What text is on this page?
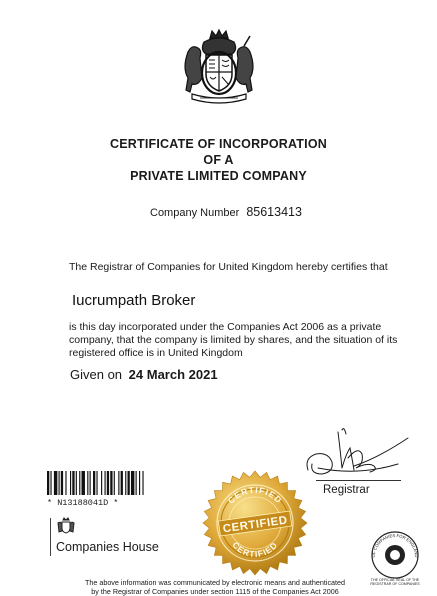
CERTIFICATE OF INCORPORATION
OF A
PRIVATE LIMITED COMPANY
Company Number 85613413
The Registrar of Companies for United Kingdom hereby certifies that
Iucrumpath Broker
is this day incorporated under the Companies Act 2006 as a private company, that the company is limited by shares, and the situation of its registered office is in United Kingdom
Given on 24 March 2021
Registrar
* N13188041D *
Companies House
CERTIFIED
CERTIFIED
CERTIFIED
OF COMPANIES FOR ENGLAND
THE OFFICIAL SEAL OF THE REGISTRAR OF COMPANIES
The above information was communicated by electronic means and authenticated
by the Registrar of Companies under section 1115 of the Companies Act 2006
